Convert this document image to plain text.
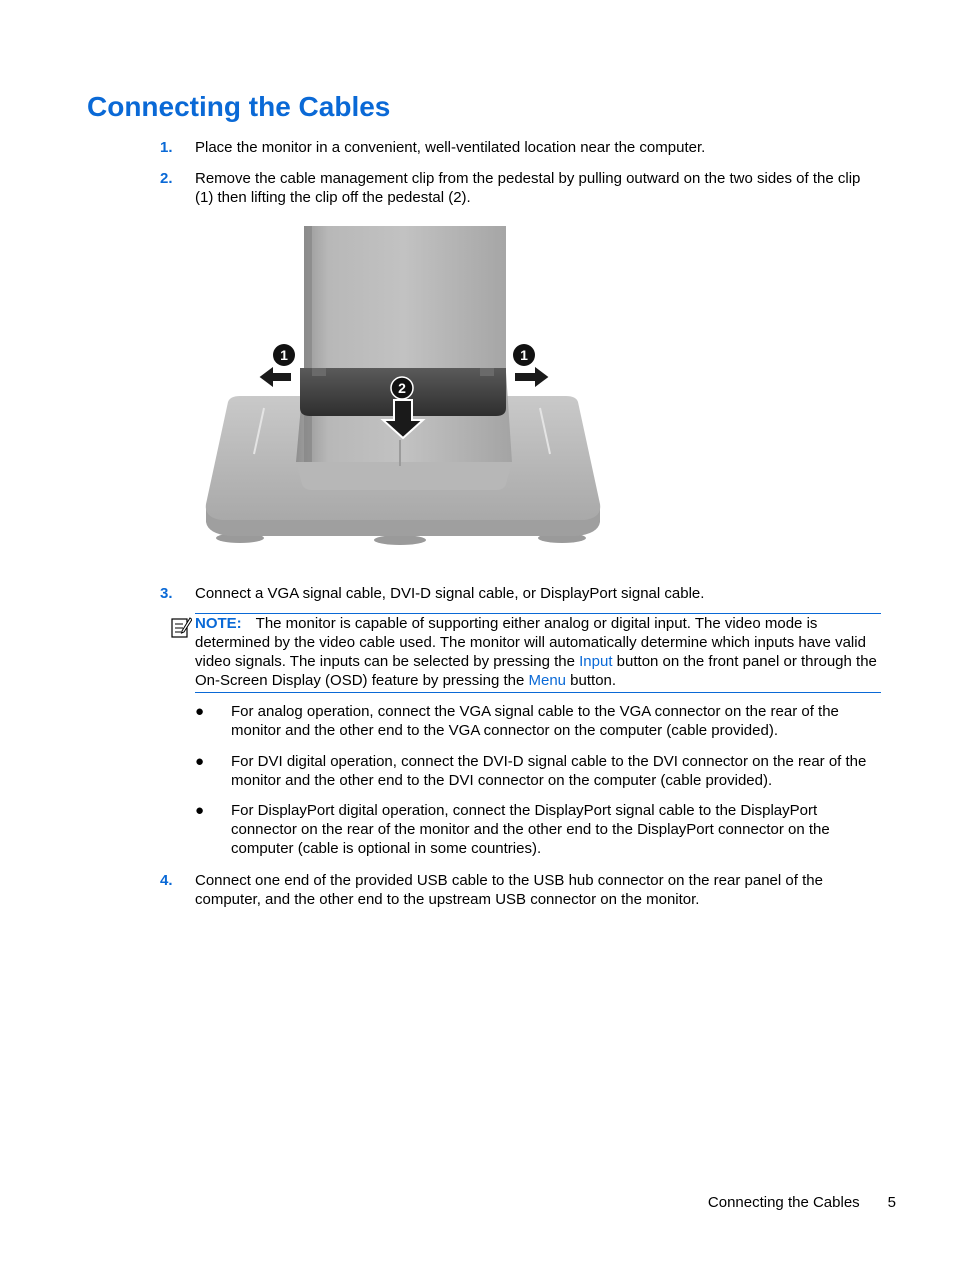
Connecting the Cables
1. Place the monitor in a convenient, well-ventilated location near the computer.
2. Remove the cable management clip from the pedestal by pulling outward on the two sides of the clip (1) then lifting the clip off the pedestal (2).
1	1
2
3. Connect a VGA signal cable, DVI-D signal cable, or DisplayPort signal cable.
NOTE: The monitor is capable of supporting either analog or digital input. The video mode is determined by the video cable used. The monitor will automatically determine which inputs have valid video signals. The inputs can be selected by pressing the Input button on the front panel or through the On-Screen Display (OSD) feature by pressing the Menu button.
● For analog operation, connect the VGA signal cable to the VGA connector on the rear of the monitor and the other end to the VGA connector on the computer (cable provided).
● For DVI digital operation, connect the DVI-D signal cable to the DVI connector on the rear of the monitor and the other end to the DVI connector on the computer (cable provided).
● For DisplayPort digital operation, connect the DisplayPort signal cable to the DisplayPort connector on the rear of the monitor and the other end to the DisplayPort connector on the computer (cable is optional in some countries).
4. Connect one end of the provided USB cable to the USB hub connector on the rear panel of the computer, and the other end to the upstream USB connector on the monitor.
Connecting the Cables 5
